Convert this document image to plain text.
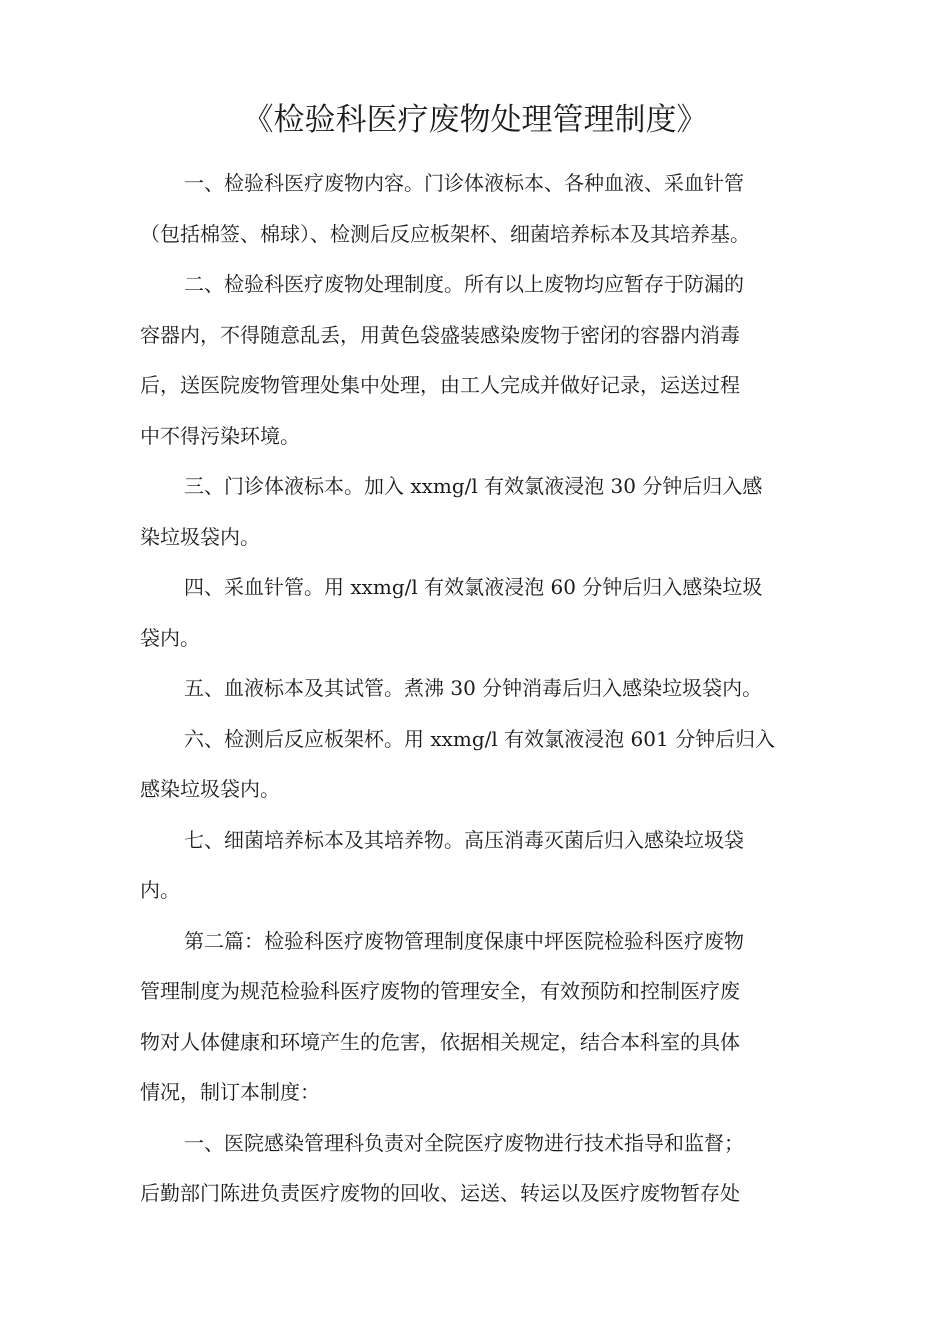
《检验科医疗废物处理管理制度》

一、检验科医疗废物内容。门诊体液标本、各种血液、采血针管
（包括棉签、棉球）、检测后反应板架杯、细菌培养标本及其培养基。

二、检验科医疗废物处理制度。所有以上废物均应暂存于防漏的
容器内，不得随意乱丢，用黄色袋盛装感染废物于密闭的容器内消毒
后，送医院废物管理处集中处理，由工人完成并做好记录，运送过程
中不得污染环境。

三、门诊体液标本。加入 xxmg/l 有效氯液浸泡 30 分钟后归入感
染垃圾袋内。

四、采血针管。用 xxmg/l 有效氯液浸泡 60 分钟后归入感染垃圾
袋内。

五、血液标本及其试管。煮沸 30 分钟消毒后归入感染垃圾袋内。

六、检测后反应板架杯。用 xxmg/l 有效氯液浸泡 601 分钟后归入
感染垃圾袋内。

七、细菌培养标本及其培养物。高压消毒灭菌后归入感染垃圾袋
内。

第二篇：检验科医疗废物管理制度保康中坪医院检验科医疗废物
管理制度为规范检验科医疗废物的管理安全，有效预防和控制医疗废
物对人体健康和环境产生的危害，依据相关规定，结合本科室的具体
情况，制订本制度：

一、医院感染管理科负责对全院医疗废物进行技术指导和监督；
后勤部门陈进负责医疗废物的回收、运送、转运以及医疗废物暂存处
